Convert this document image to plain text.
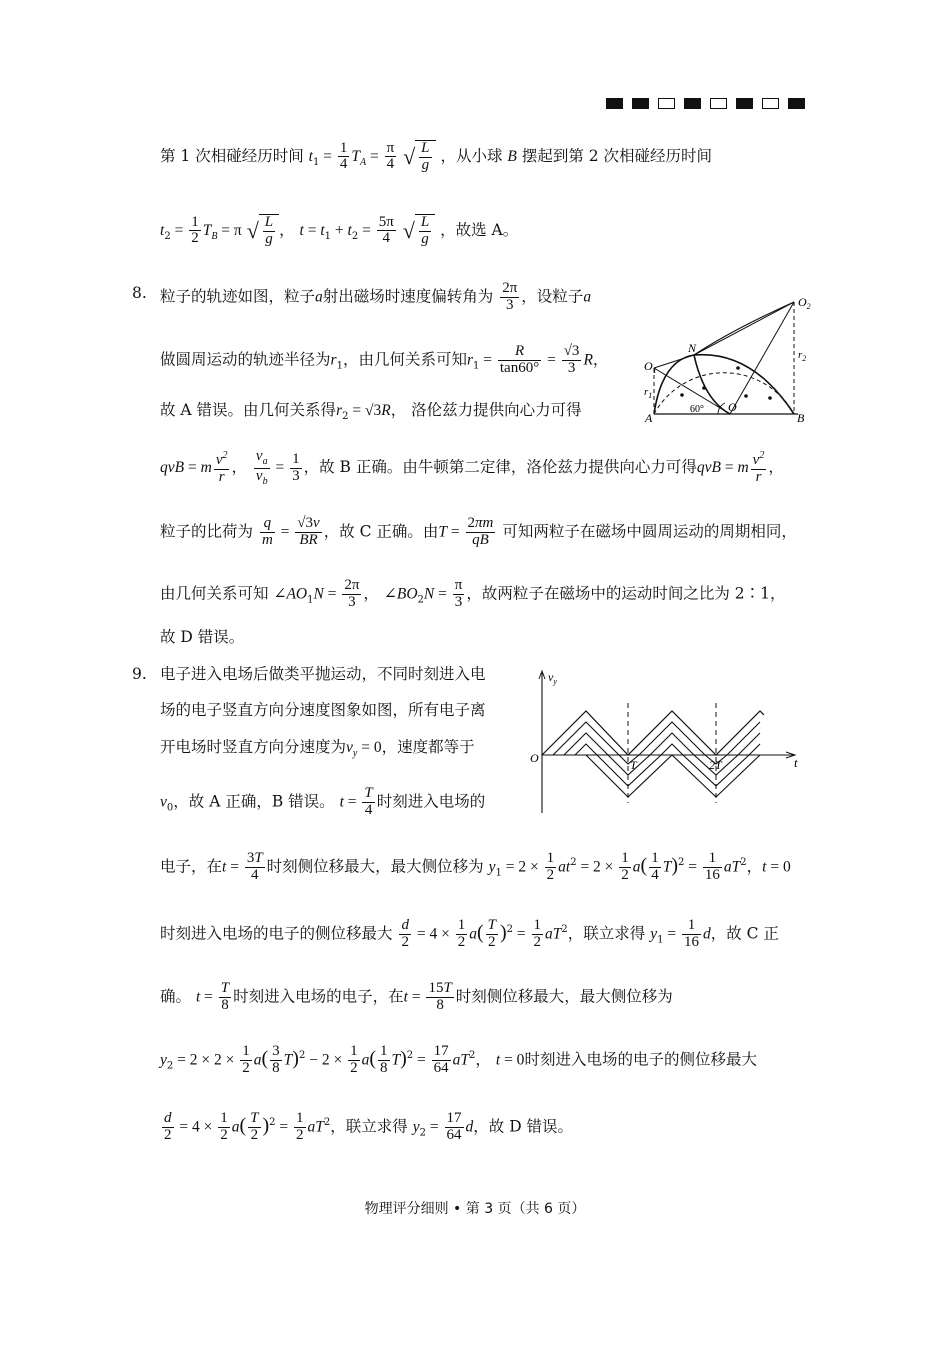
第 1 次相碰经历时间 $t_1 = \frac{1}{4} T_A = \frac{\pi}{4}$ √ $\frac{L}{g}$ ，从小球 B 摆起到第 2 次相碰经历时间
$t_2 = \frac{1}{2} T_B = \pi$ √ $\frac{L}{g}$ ， $t = t_1 + t_2 = \frac{5\pi}{4}$ √ $\frac{L}{g}$ ，故选 A。
8. 粒子的轨迹如图，粒子a射出磁场时速度偏转角为 $\frac{2\pi}{3}$ ，设粒子a
做圆周运动的轨迹半径为$r_1$，由几何关系可知$r_1 = \frac{R}{\tan 60^\circ} = \frac{√3}{3}$ R，
故 A 错误。由几何关系得$r_2 = √3R$， 洛伦兹力提供向心力可得
qvB = m $\frac{v^2}{r}$ ， $\frac{v_a}{v_b} = \frac{1}{3}$ ，故 B 正确。由牛顿第二定律，洛伦兹力提供向心力可得qvB = m $\frac{v^2}{r}$ ，
粒子的比荷为 $\frac{q}{m} = \frac{√3v}{BR}$ ，故 C 正确。由$T = \frac{2\pi m}{qB}$ 可知两粒子在磁场中圆周运动的周期相同，
由几何关系可知 $\angle AO_1N = \frac{2\pi}{3}$ ， $\angle BO_2N = \frac{\pi}{3}$ ，故两粒子在磁场中的运动时间之比为 2∶1，
故 D 错误。
$O_2$
N
$O_1$
$r_2$
$r_1$
A	B
O
60°
9. 电子进入电场后做类平抛运动，不同时刻进入电
场的电子竖直方向分速度图象如图，所有电子离
开电场时竖直方向分速度为$v_y = 0$，速度都等于
$v_0$，故 A 正确，B 错误。 $t = \frac{T}{4}$ 时刻进入电场的
$v_y$
O	T	2T	t
电子，在$t = \frac{3T}{4}$ 时刻侧位移最大，最大侧位移为 $y_1 = 2 \times \frac{1}{2} at^2 = 2 \times \frac{1}{2} a( \frac{1}{4} T)^2 = \frac{1}{16} aT^2$，t = 0
时刻进入电场的电子的侧位移最大 $\frac{d}{2} = 4 \times \frac{1}{2} a( \frac{T}{2} )^2 = \frac{1}{2} aT^2$，联立求得 $y_1 = \frac{1}{16}$ d，故 C 正
确。 $t = \frac{T}{8}$ 时刻进入电场的电子，在$t = \frac{15T}{8}$ 时刻侧位移最大，最大侧位移为
$y_2 = 2 \times 2 \times \frac{1}{2} a( \frac{3}{8} T)^2 - 2 \times \frac{1}{2} a( \frac{1}{8} T)^2 = \frac{17}{64} aT^2$， t = 0时刻进入电场的电子的侧位移最大
$\frac{d}{2} = 4 \times \frac{1}{2} a( \frac{T}{2} )^2 = \frac{1}{2} aT^2$，联立求得 $y_2 = \frac{17}{64}$ d，故 D 错误。
物理评分细则 • 第 3 页（共 6 页）
